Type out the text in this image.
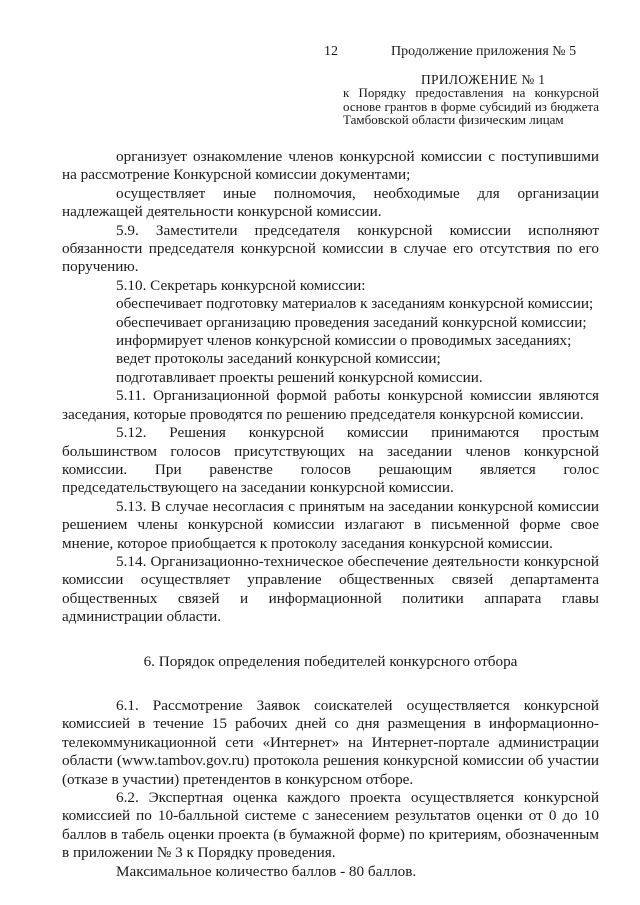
12	Продолжение приложения № 5
ПРИЛОЖЕНИЕ № 1
к Порядку предоставления на конкурсной основе грантов в форме субсидий из бюджета Тамбовской области физическим лицам

организует ознакомление членов конкурсной комиссии с поступившими на рассмотрение Конкурсной комиссии документами;

осуществляет иные полномочия, необходимые для организации надлежащей деятельности конкурсной комиссии.

5.9. Заместители председателя конкурсной комиссии исполняют обязанности председателя конкурсной комиссии в случае его отсутствия по его поручению.

5.10. Секретарь конкурсной комиссии:

обеспечивает подготовку материалов к заседаниям конкурсной комиссии;

обеспечивает организацию проведения заседаний конкурсной комиссии;

информирует членов конкурсной комиссии о проводимых заседаниях;

ведет протоколы заседаний конкурсной комиссии;

подготавливает проекты решений конкурсной комиссии.

5.11. Организационной формой работы конкурсной комиссии являются заседания, которые проводятся по решению председателя конкурсной комиссии.

5.12. Решения конкурсной комиссии принимаются простым большинством голосов присутствующих на заседании членов конкурсной комиссии. При равенстве голосов решающим является голос председательствующего на заседании конкурсной комиссии.

5.13. В случае несогласия с принятым на заседании конкурсной комиссии решением члены конкурсной комиссии излагают в письменной форме свое мнение, которое приобщается к протоколу заседания конкурсной комиссии.

5.14. Организационно-техническое обеспечение деятельности конкурсной комиссии осуществляет управление общественных связей департамента общественных связей и информационной политики аппарата главы администрации области.

6. Порядок определения победителей конкурсного отбора

6.1. Рассмотрение Заявок соискателей осуществляется конкурсной комиссией в течение 15 рабочих дней со дня размещения в информационно-телекоммуникационной сети «Интернет» на Интернет-портале администрации области (www.tambov.gov.ru) протокола решения конкурсной комиссии об участии (отказе в участии) претендентов в конкурсном отборе.

6.2. Экспертная оценка каждого проекта осуществляется конкурсной комиссией по 10-балльной системе с занесением результатов оценки от 0 до 10 баллов в табель оценки проекта (в бумажной форме) по критериям, обозначенным в приложении № 3 к Порядку проведения.

Максимальное количество баллов - 80 баллов.
